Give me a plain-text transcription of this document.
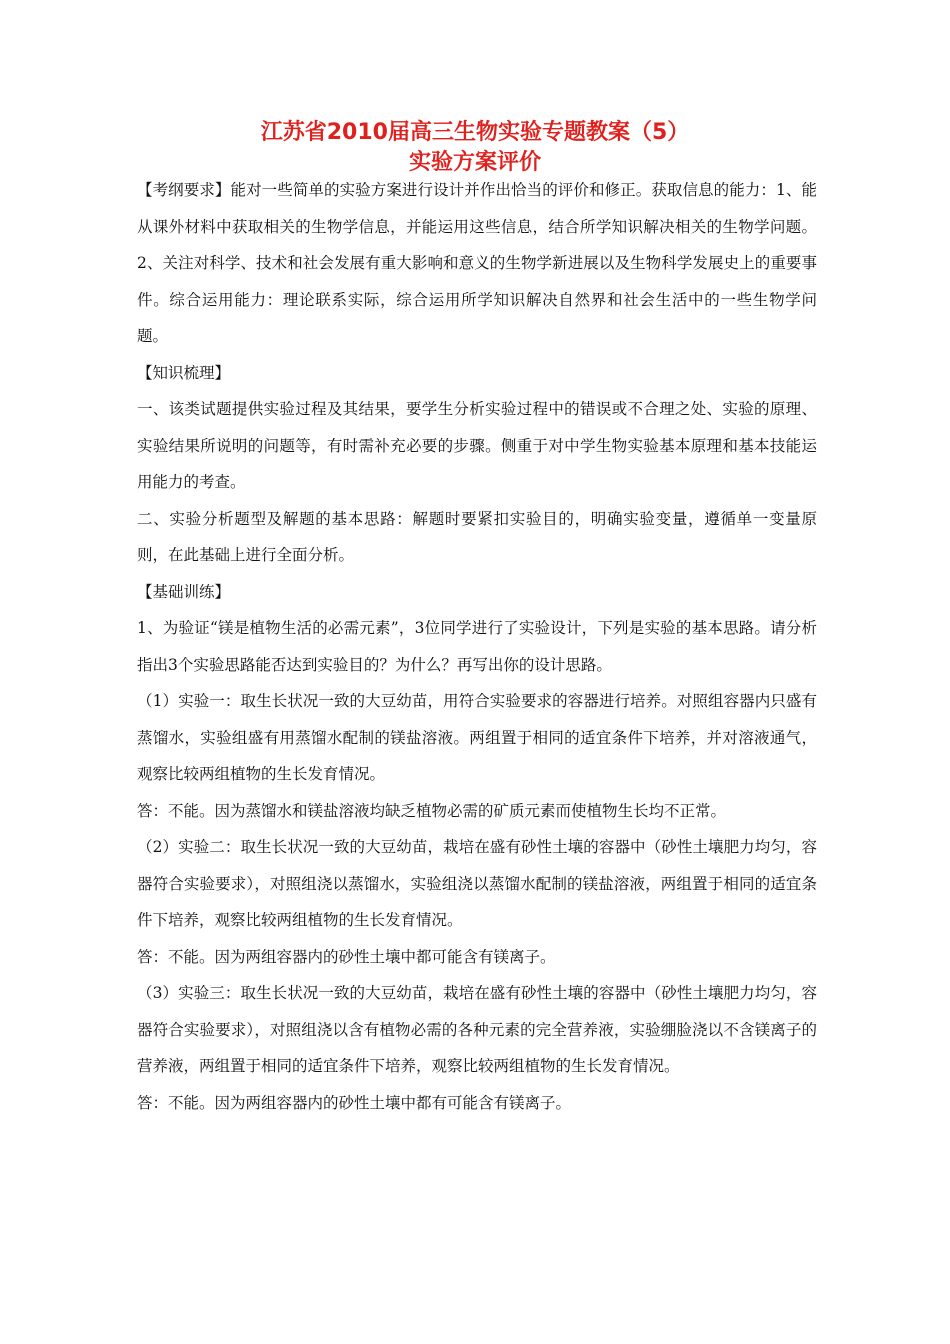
江苏省2010届高三生物实验专题教案（5）
实验方案评价

【考纲要求】能对一些简单的实验方案进行设计并作出恰当的评价和修正。获取信息的能力：1、能从课外材料中获取相关的生物学信息，并能运用这些信息，结合所学知识解决相关的生物学问题。2、关注对科学、技术和社会发展有重大影响和意义的生物学新进展以及生物科学发展史上的重要事件。综合运用能力：理论联系实际，综合运用所学知识解决自然界和社会生活中的一些生物学问题。

【知识梳理】

一、该类试题提供实验过程及其结果，要学生分析实验过程中的错误或不合理之处、实验的原理、实验结果所说明的问题等，有时需补充必要的步骤。侧重于对中学生物实验基本原理和基本技能运用能力的考查。

二、实验分析题型及解题的基本思路：解题时要紧扣实验目的，明确实验变量，遵循单一变量原则，在此基础上进行全面分析。

【基础训练】

1、为验证“镁是植物生活的必需元素”，3位同学进行了实验设计，下列是实验的基本思路。请分析指出3个实验思路能否达到实验目的？为什么？再写出你的设计思路。

（1）实验一：取生长状况一致的大豆幼苗，用符合实验要求的容器进行培养。对照组容器内只盛有蒸馏水，实验组盛有用蒸馏水配制的镁盐溶液。两组置于相同的适宜条件下培养，并对溶液通气，观察比较两组植物的生长发育情况。

答：不能。因为蒸馏水和镁盐溶液均缺乏植物必需的矿质元素而使植物生长均不正常。

（2）实验二：取生长状况一致的大豆幼苗，栽培在盛有砂性土壤的容器中（砂性土壤肥力均匀，容器符合实验要求），对照组浇以蒸馏水，实验组浇以蒸馏水配制的镁盐溶液，两组置于相同的适宜条件下培养，观察比较两组植物的生长发育情况。

答：不能。因为两组容器内的砂性土壤中都可能含有镁离子。

（3）实验三：取生长状况一致的大豆幼苗，栽培在盛有砂性土壤的容器中（砂性土壤肥力均匀，容器符合实验要求），对照组浇以含有植物必需的各种元素的完全营养液，实验绷脸浇以不含镁离子的营养液，两组置于相同的适宜条件下培养，观察比较两组植物的生长发育情况。

答：不能。因为两组容器内的砂性土壤中都有可能含有镁离子。
